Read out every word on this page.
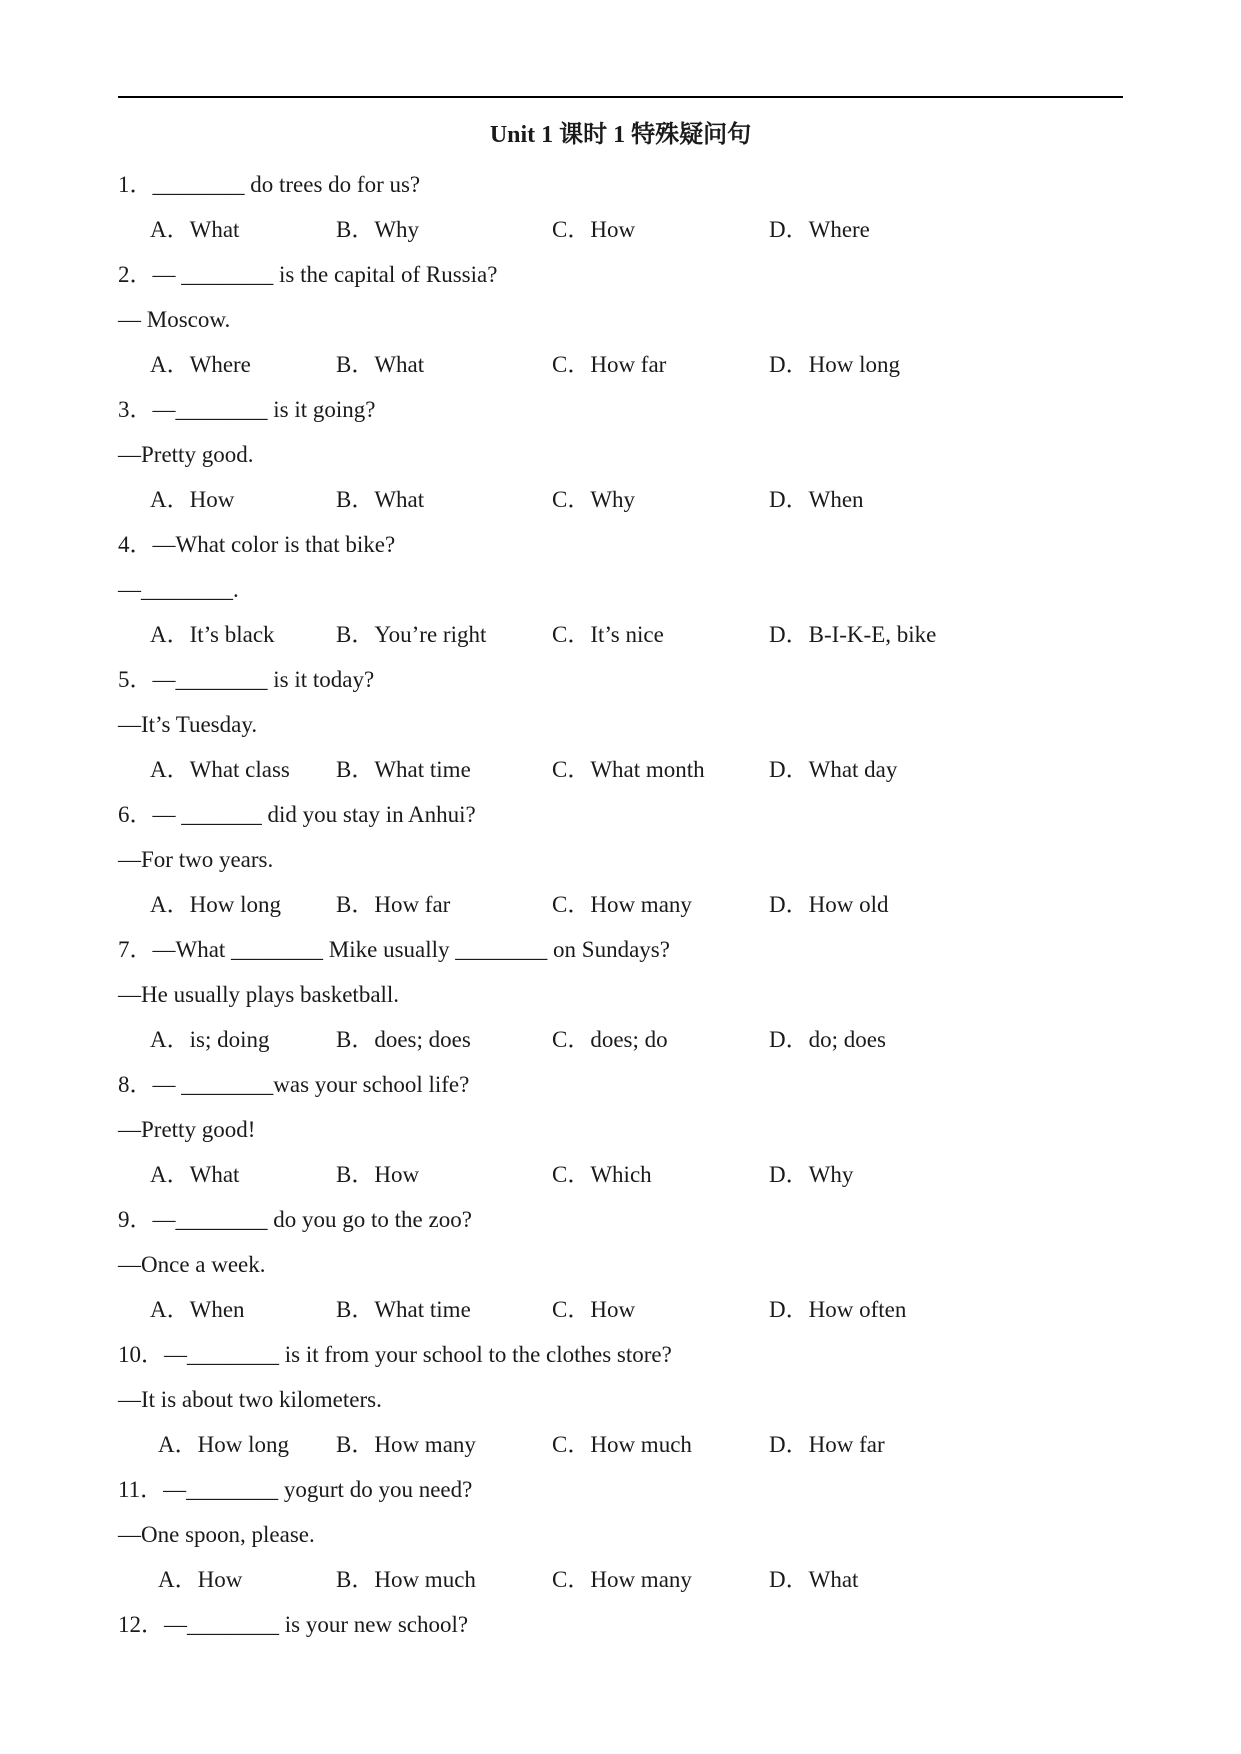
Unit 1 课时 1 特殊疑问句
1．________ do trees do for us?
A．What	B．Why	C．How	D．Where
2．— ________ is the capital of Russia?
— Moscow.
A．Where	B．What	C．How far	D．How long
3．—________ is it going?
—Pretty good.
A．How	B．What	C．Why	D．When
4．—What color is that bike?
—________.
A．It’s black	B．You’re right	C．It’s nice	D．B-I-K-E, bike
5．—________ is it today?
—It’s Tuesday.
A．What class B．What time	C．What month	D．What day
6．— _______ did you stay in Anhui?
—For two years.
A．How long B．How far	C．How many	D．How old
7．—What ________ Mike usually ________ on Sundays?
—He usually plays basketball.
A．is; doing	B．does; does	C．does; do	D．do; does
8．— ________was your school life?
—Pretty good!
A．What	B．How	C．Which	D．Why
9．—________ do you go to the zoo?
—Once a week.
A．When	B．What time	C．How	D．How often
10．—________ is it from your school to the clothes store?
—It is about two kilometers.
A．How long B．How many	C．How much	D．How far
11．—________ yogurt do you need?
—One spoon, please.
A．How	B．How much	C．How many	D．What
12．—________ is your new school?
